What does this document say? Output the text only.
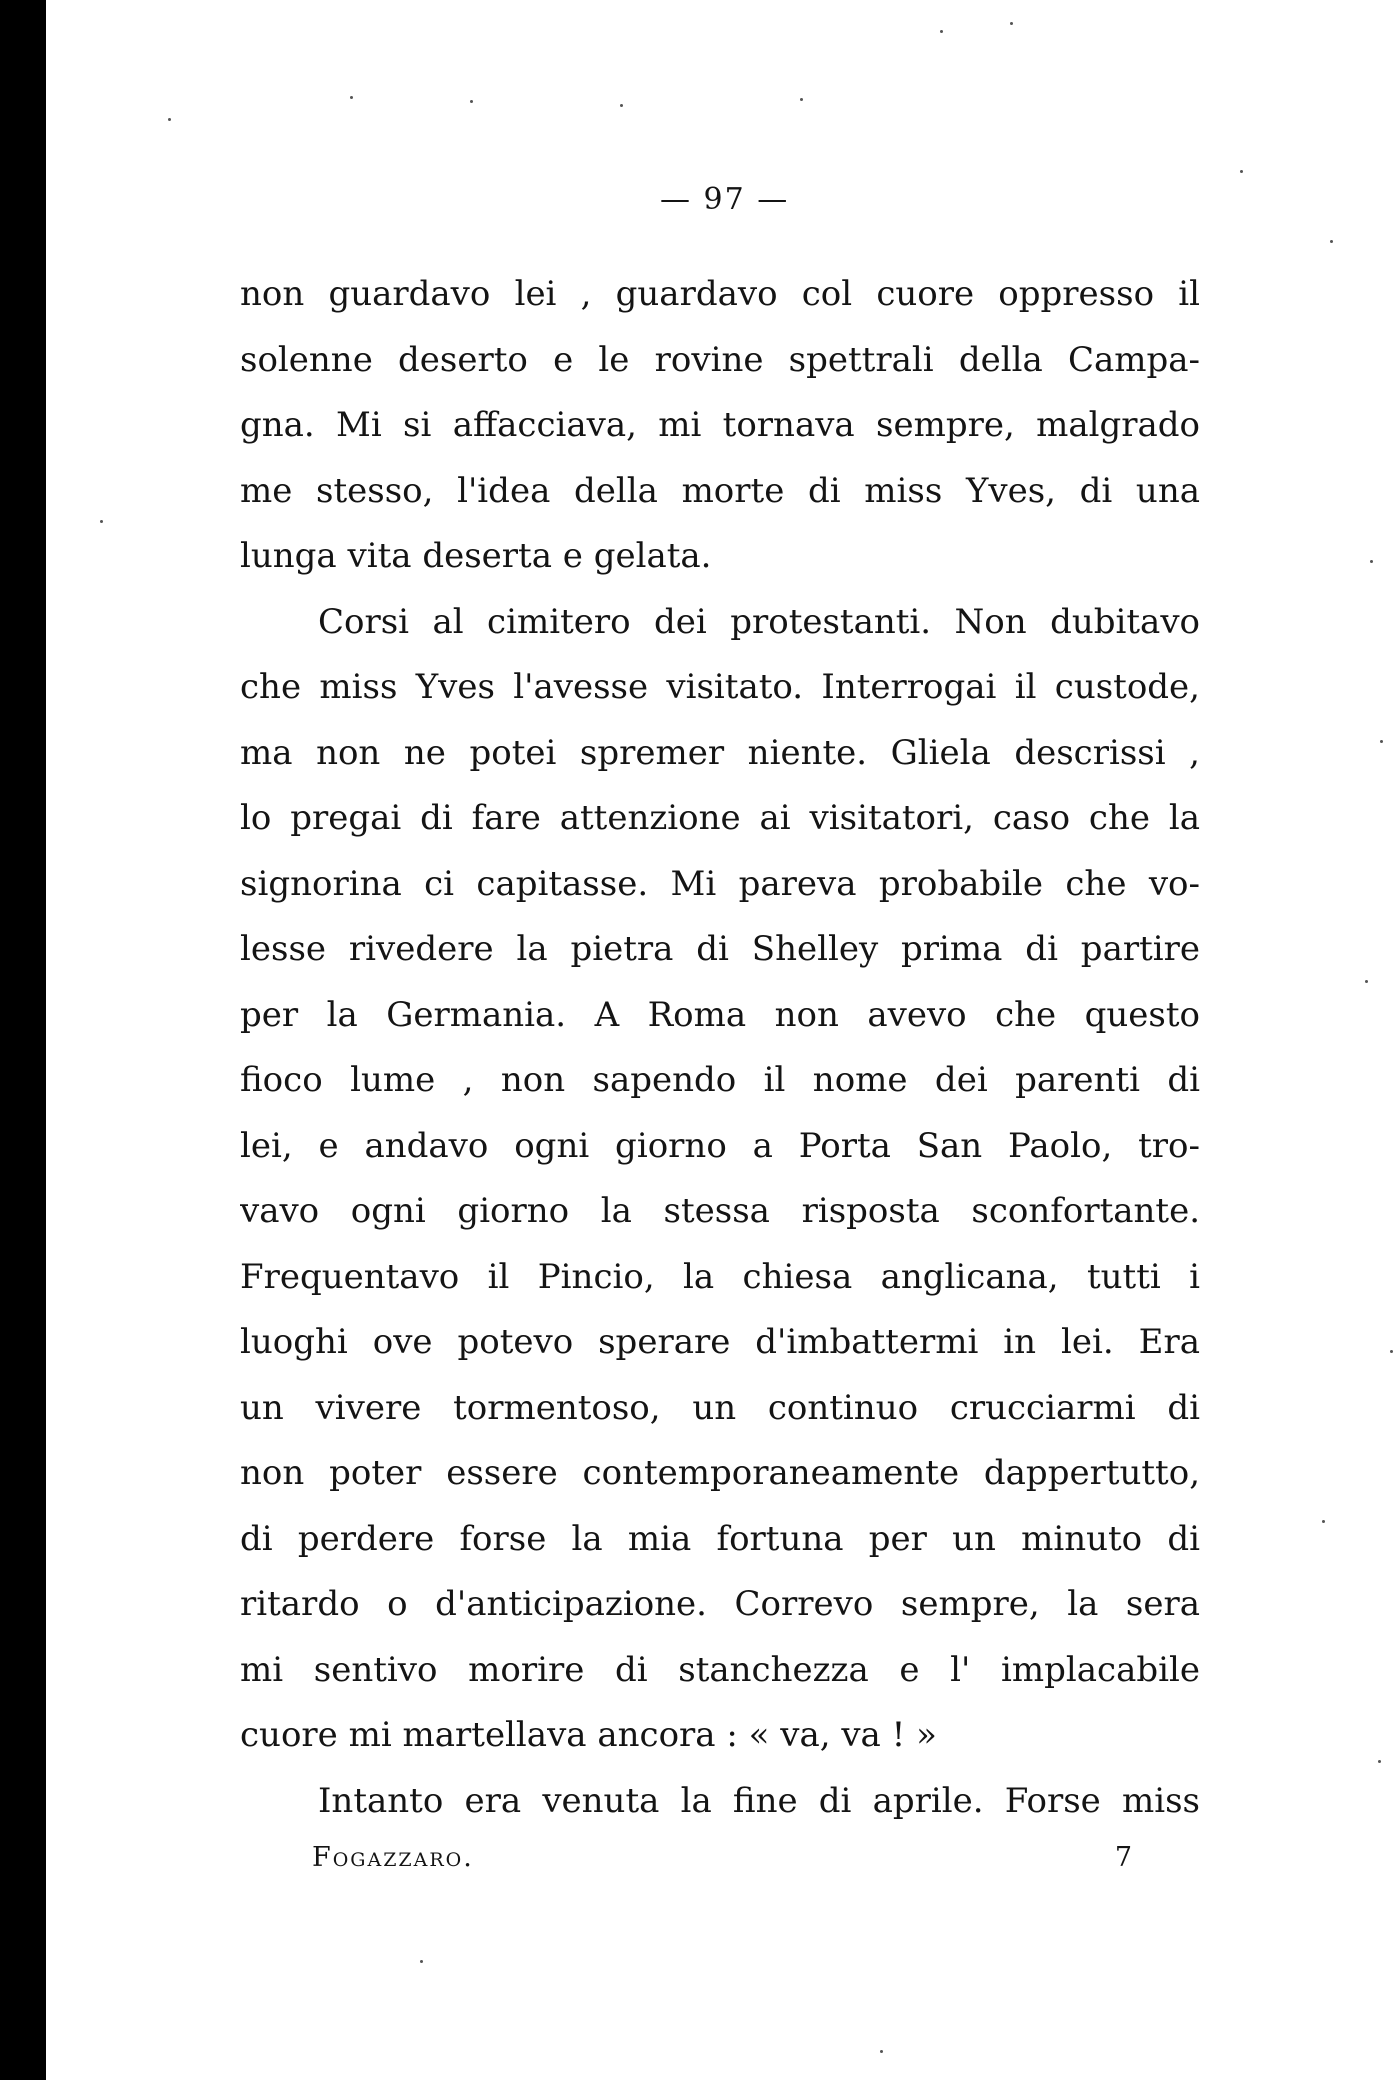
— 97 —
non guardavo lei , guardavo col cuore oppresso il
solenne deserto e le rovine spettrali della Campa-
gna. Mi si affacciava, mi tornava sempre, malgrado
me stesso, l'idea della morte di miss Yves, di una
lunga vita deserta e gelata.
Corsi al cimitero dei protestanti. Non dubitavo
che miss Yves l'avesse visitato. Interrogai il custode,
ma non ne potei spremer niente. Gliela descrissi ,
lo pregai di fare attenzione ai visitatori, caso che la
signorina ci capitasse. Mi pareva probabile che vo-
lesse rivedere la pietra di Shelley prima di partire
per la Germania. A Roma non avevo che questo
fioco lume , non sapendo il nome dei parenti di
lei, e andavo ogni giorno a Porta San Paolo, tro-
vavo ogni giorno la stessa risposta sconfortante.
Frequentavo il Pincio, la chiesa anglicana, tutti i
luoghi ove potevo sperare d'imbattermi in lei. Era
un vivere tormentoso, un continuo crucciarmi di
non poter essere contemporaneamente dappertutto,
di perdere forse la mia fortuna per un minuto di
ritardo o d'anticipazione. Correvo sempre, la sera
mi sentivo morire di stanchezza e l' implacabile
cuore mi martellava ancora : « va, va ! »
Intanto era venuta la fine di aprile. Forse miss
Fogazzaro.	7
